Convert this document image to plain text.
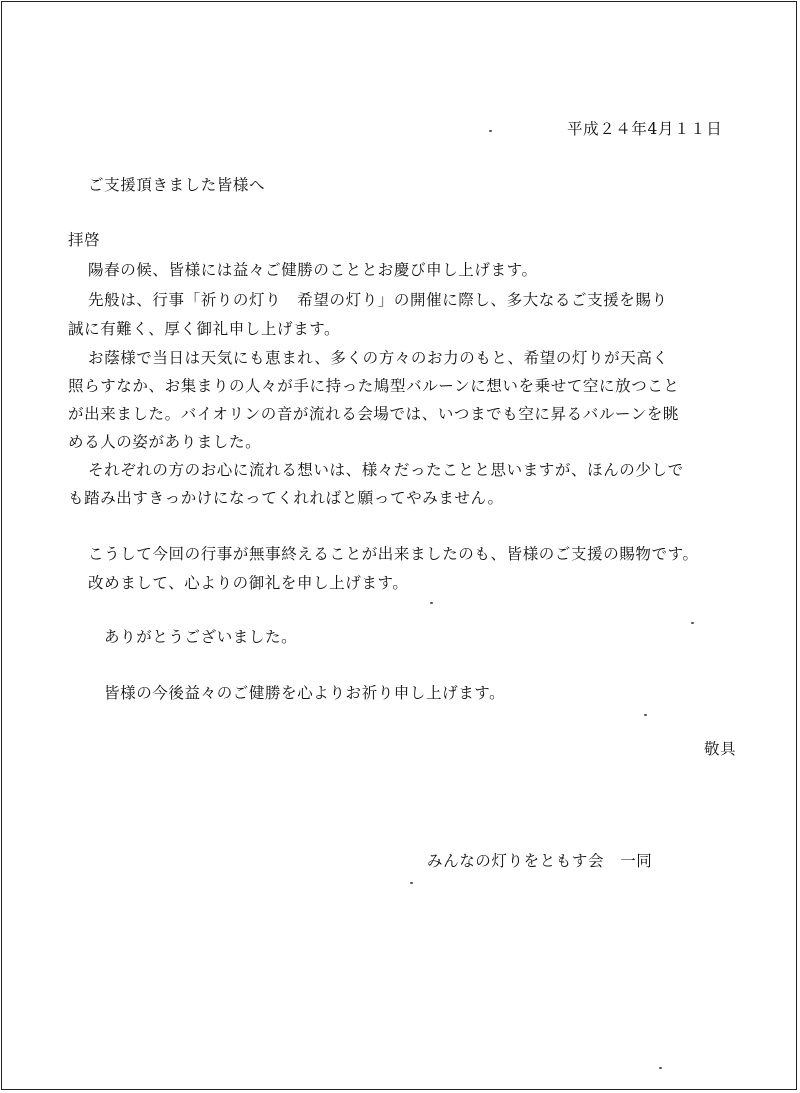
平成２４年4月１１日
ご支援頂きました皆様へ
拝啓
陽春の候、皆様には益々ご健勝のこととお慶び申し上げます。
先般は、行事「祈りの灯り　希望の灯り」の開催に際し、多大なるご支援を賜り
誠に有難く、厚く御礼申し上げます。
お蔭様で当日は天気にも恵まれ、多くの方々のお力のもと、希望の灯りが天高く
照らすなか、お集まりの人々が手に持った鳩型バルーンに想いを乗せて空に放つこと
が出来ました。バイオリンの音が流れる会場では、いつまでも空に昇るバルーンを眺
める人の姿がありました。
それぞれの方のお心に流れる想いは、様々だったことと思いますが、ほんの少しで
も踏み出すきっかけになってくれればと願ってやみません。
こうして今回の行事が無事終えることが出来ましたのも、皆様のご支援の賜物です。
改めまして、心よりの御礼を申し上げます。
ありがとうございました。
皆様の今後益々のご健勝を心よりお祈り申し上げます。
敬具
みんなの灯りをともす会　一同
